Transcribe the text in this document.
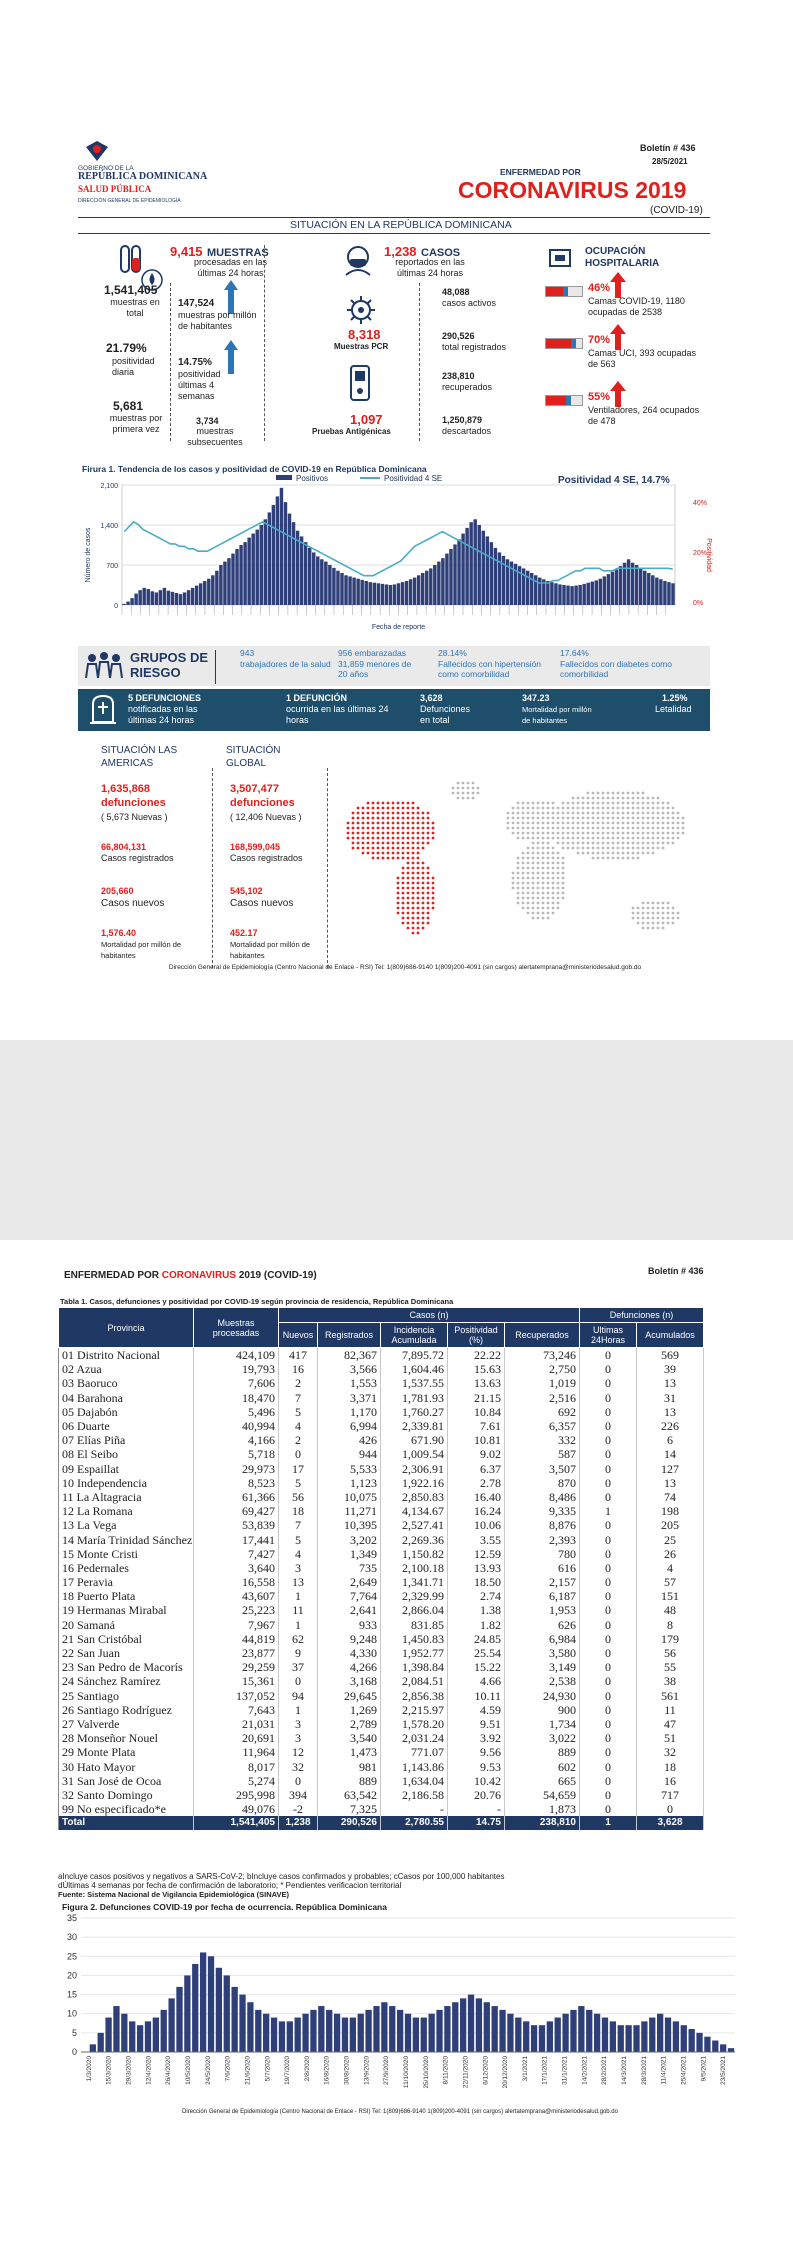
GOBIERNO DE LA
REPÚBLICA DOMINICANA
SALUD PÚBLICA
DIRECCIÓN GENERAL DE EPIDEMIOLOGÍA
Boletín # 436
28/5/2021
ENFERMEDAD POR
CORONAVIRUS 2019
(COVID-19)
SITUACIÓN EN LA REPÚBLICA DOMINICANA
9,415 MUESTRAS
procesadas en las últimas 24 horas
1,541,405
muestras en total
147,524
muestras por millón de habitantes
21.79%
positividad diaria
14.75%
positividad últimas 4 semanas
5,681
muestras por primera vez
3,734
muestras subsecuentes
1,238 CASOS
reportados en las últimas 24 horas
8,318
Muestras PCR
1,097
Pruebas Antigénicas
48,088
casos activos
290,526
total registrados
238,810
recuperados
1,250,879
descartados
OCUPACIÓN HOSPITALARIA
46%
Camas COVID-19, 1180 ocupadas de 2538
70%
Camas UCI, 393 ocupadas de 563
55%
Ventiladores, 264 ocupados de 478
Firura 1. Tendencia de los casos y positividad de COVID-19 en República Dominicana
2,100
1,400
700
0
40%
20%
0%
Número de casos	Positividad
Fecha de reporte
Positivos	Positividad 4 SE	Positividad 4 SE, 14.7%
GRUPOS DE RIESGO
943
trabajadores de la salud
956 embarazadas
31,859 menores de 20 años
28.14%
Fallecidos con hipertensión como comorbilidad
17.64%
Fallecidos con diabetes como comorbilidad
5 DEFUNCIONES
notificadas en las últimas 24 horas
1 DEFUNCIÓN
ocurrida en las últimas 24 horas
3,628
Defunciones en total
347.23
Mortalidad por millón de habitantes
1.25%
Letalidad
SITUACIÓN LAS AMERICAS
SITUACIÓN GLOBAL
1,635,868
defunciones
( 5,673 Nuevas )
66,804,131
Casos registrados
205,660
Casos nuevos
1,576.40
Mortalidad por millón de habitantes
3,507,477
defunciones
( 12,406 Nuevas )
168,599,045
Casos registrados
545,102
Casos nuevos
452.17
Mortalidad por millón de habitantes
Dirección General de Epidemiología (Centro Nacional de Enlace - RSI) Tel: 1(809)686-9140 1(809)200-4091 (sin cargos) alertatemprana@ministeriodesalud.gob.do
ENFERMEDAD POR CORONAVIRUS 2019 (COVID-19)	Boletín # 436
Tabla 1. Casos, defunciones y positividad por COVID-19 según provincia de residencia, República Dominicana
Provincia	Muestras procesadas	Casos (n)					Defunciones (n)	
		Nuevos	Registrados	Incidencia Acumulada	Positividad (%)	Recuperados	Ultimas 24Horas	Acumulados
01 Distrito Nacional	424,109	417	82,367	7,895.72	22.22	73,246	0	569
02 Azua	19,793	16	3,566	1,604.46	15.63	2,750	0	39
03 Baoruco	7,606	2	1,553	1,537.55	13.63	1,019	0	13
04 Barahona	18,470	7	3,371	1,781.93	21.15	2,516	0	31
05 Dajabón	5,496	5	1,170	1,760.27	10.84	692	0	13
06 Duarte	40,994	4	6,994	2,339.81	7.61	6,357	0	226
07 Elías Piña	4,166	2	426	671.90	10.81	332	0	6
08 El Seibo	5,718	0	944	1,009.54	9.02	587	0	14
09 Espaillat	29,973	17	5,533	2,306.91	6.37	3,507	0	127
10 Independencia	8,523	5	1,123	1,922.16	2.78	870	0	13
11 La Altagracia	61,366	56	10,075	2,850.83	16.40	8,486	0	74
12 La Romana	69,427	18	11,271	4,134.67	16.24	9,335	1	198
13 La Vega	53,839	7	10,395	2,527.41	10.06	8,876	0	205
14 María Trinidad Sánchez	17,441	5	3,202	2,269.36	3.55	2,393	0	25
15 Monte Cristi	7,427	4	1,349	1,150.82	12.59	780	0	26
16 Pedernales	3,640	3	735	2,100.18	13.93	616	0	4
17 Peravia	16,558	13	2,649	1,341.71	18.50	2,157	0	57
18 Puerto Plata	43,607	1	7,764	2,329.99	2.74	6,187	0	151
19 Hermanas Mirabal	25,223	11	2,641	2,866.04	1.38	1,953	0	48
20 Samaná	7,967	1	933	831.85	1.82	626	0	8
21 San Cristóbal	44,819	62	9,248	1,450.83	24.85	6,984	0	179
22 San Juan	23,877	9	4,330	1,952.77	25.54	3,580	0	56
23 San Pedro de Macorís	29,259	37	4,266	1,398.84	15.22	3,149	0	55
24 Sánchez Ramírez	15,361	0	3,168	2,084.51	4.66	2,538	0	38
25 Santiago	137,052	94	29,645	2,856.38	10.11	24,930	0	561
26 Santiago Rodríguez	7,643	1	1,269	2,215.97	4.59	900	0	11
27 Valverde	21,031	3	2,789	1,578.20	9.51	1,734	0	47
28 Monseñor Nouel	20,691	3	3,540	2,031.24	3.92	3,022	0	51
29 Monte Plata	11,964	12	1,473	771.07	9.56	889	0	32
30 Hato Mayor	8,017	32	981	1,143.86	9.53	602	0	18
31 San José de Ocoa	5,274	0	889	1,634.04	10.42	665	0	16
32 Santo Domingo	295,998	394	63,542	2,186.58	20.76	54,659	0	717
99 No especificado*e	49,076	-2	7,325	-	-	1,873	0	0
Total	1,541,405	1,238	290,526	2,780.55	14.75	238,810	1	3,628
aIncluye casos positivos y negativos a SARS-CoV-2; bIncluye casos confirmados y probables; cCasos por 100,000 habitantes
dÚltimas 4 semanas por fecha de confirmación de laboratorio; * Pendientes verificacion territorial
Fuente: Sistema Nacional de Vigilancia Epidemiológica (SINAVE)
Figura 2. Defunciones COVID-19 por fecha de ocurrencia. República Dominicana
0
5
10
15
20
25
30
35
1/3/2020 15/3/2020 29/3/2020 12/4/2020 26/4/2020 10/5/2020 24/5/2020 7/6/2020 21/6/2020 5/7/2020 19/7/2020 2/8/2020 16/8/2020 30/8/2020 13/9/2020 27/9/2020 11/10/2020 25/10/2020 8/11/2020 22/11/2020 6/12/2020 20/12/2020 3/1/2021 17/1/2021 31/1/2021 14/2/2021 28/2/2021 14/3/2021 28/3/2021 11/4/2021 25/4/2021 9/5/2021 23/5/2021
Dirección General de Epidemiología (Centro Nacional de Enlace - RSI) Tel: 1(809)686-9140 1(809)200-4091 (sin cargos) alertatemprana@ministeriodesalud.gob.do
